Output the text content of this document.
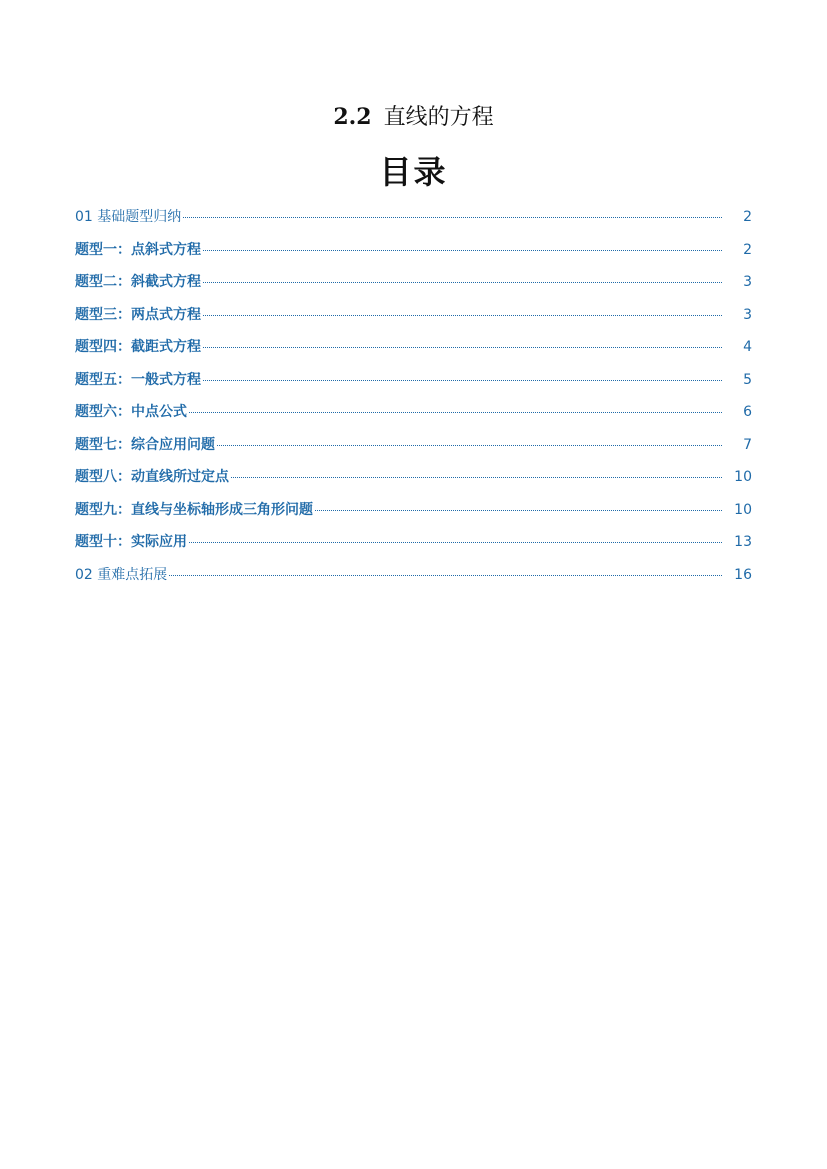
2.2 直线的方程
目录
01 基础题型归纳	2
题型一：点斜式方程	2
题型二：斜截式方程	3
题型三：两点式方程	3
题型四：截距式方程	4
题型五：一般式方程	5
题型六：中点公式	6
题型七：综合应用问题	7
题型八：动直线所过定点	10
题型九：直线与坐标轴形成三角形问题	10
题型十：实际应用	13
02 重难点拓展	16
